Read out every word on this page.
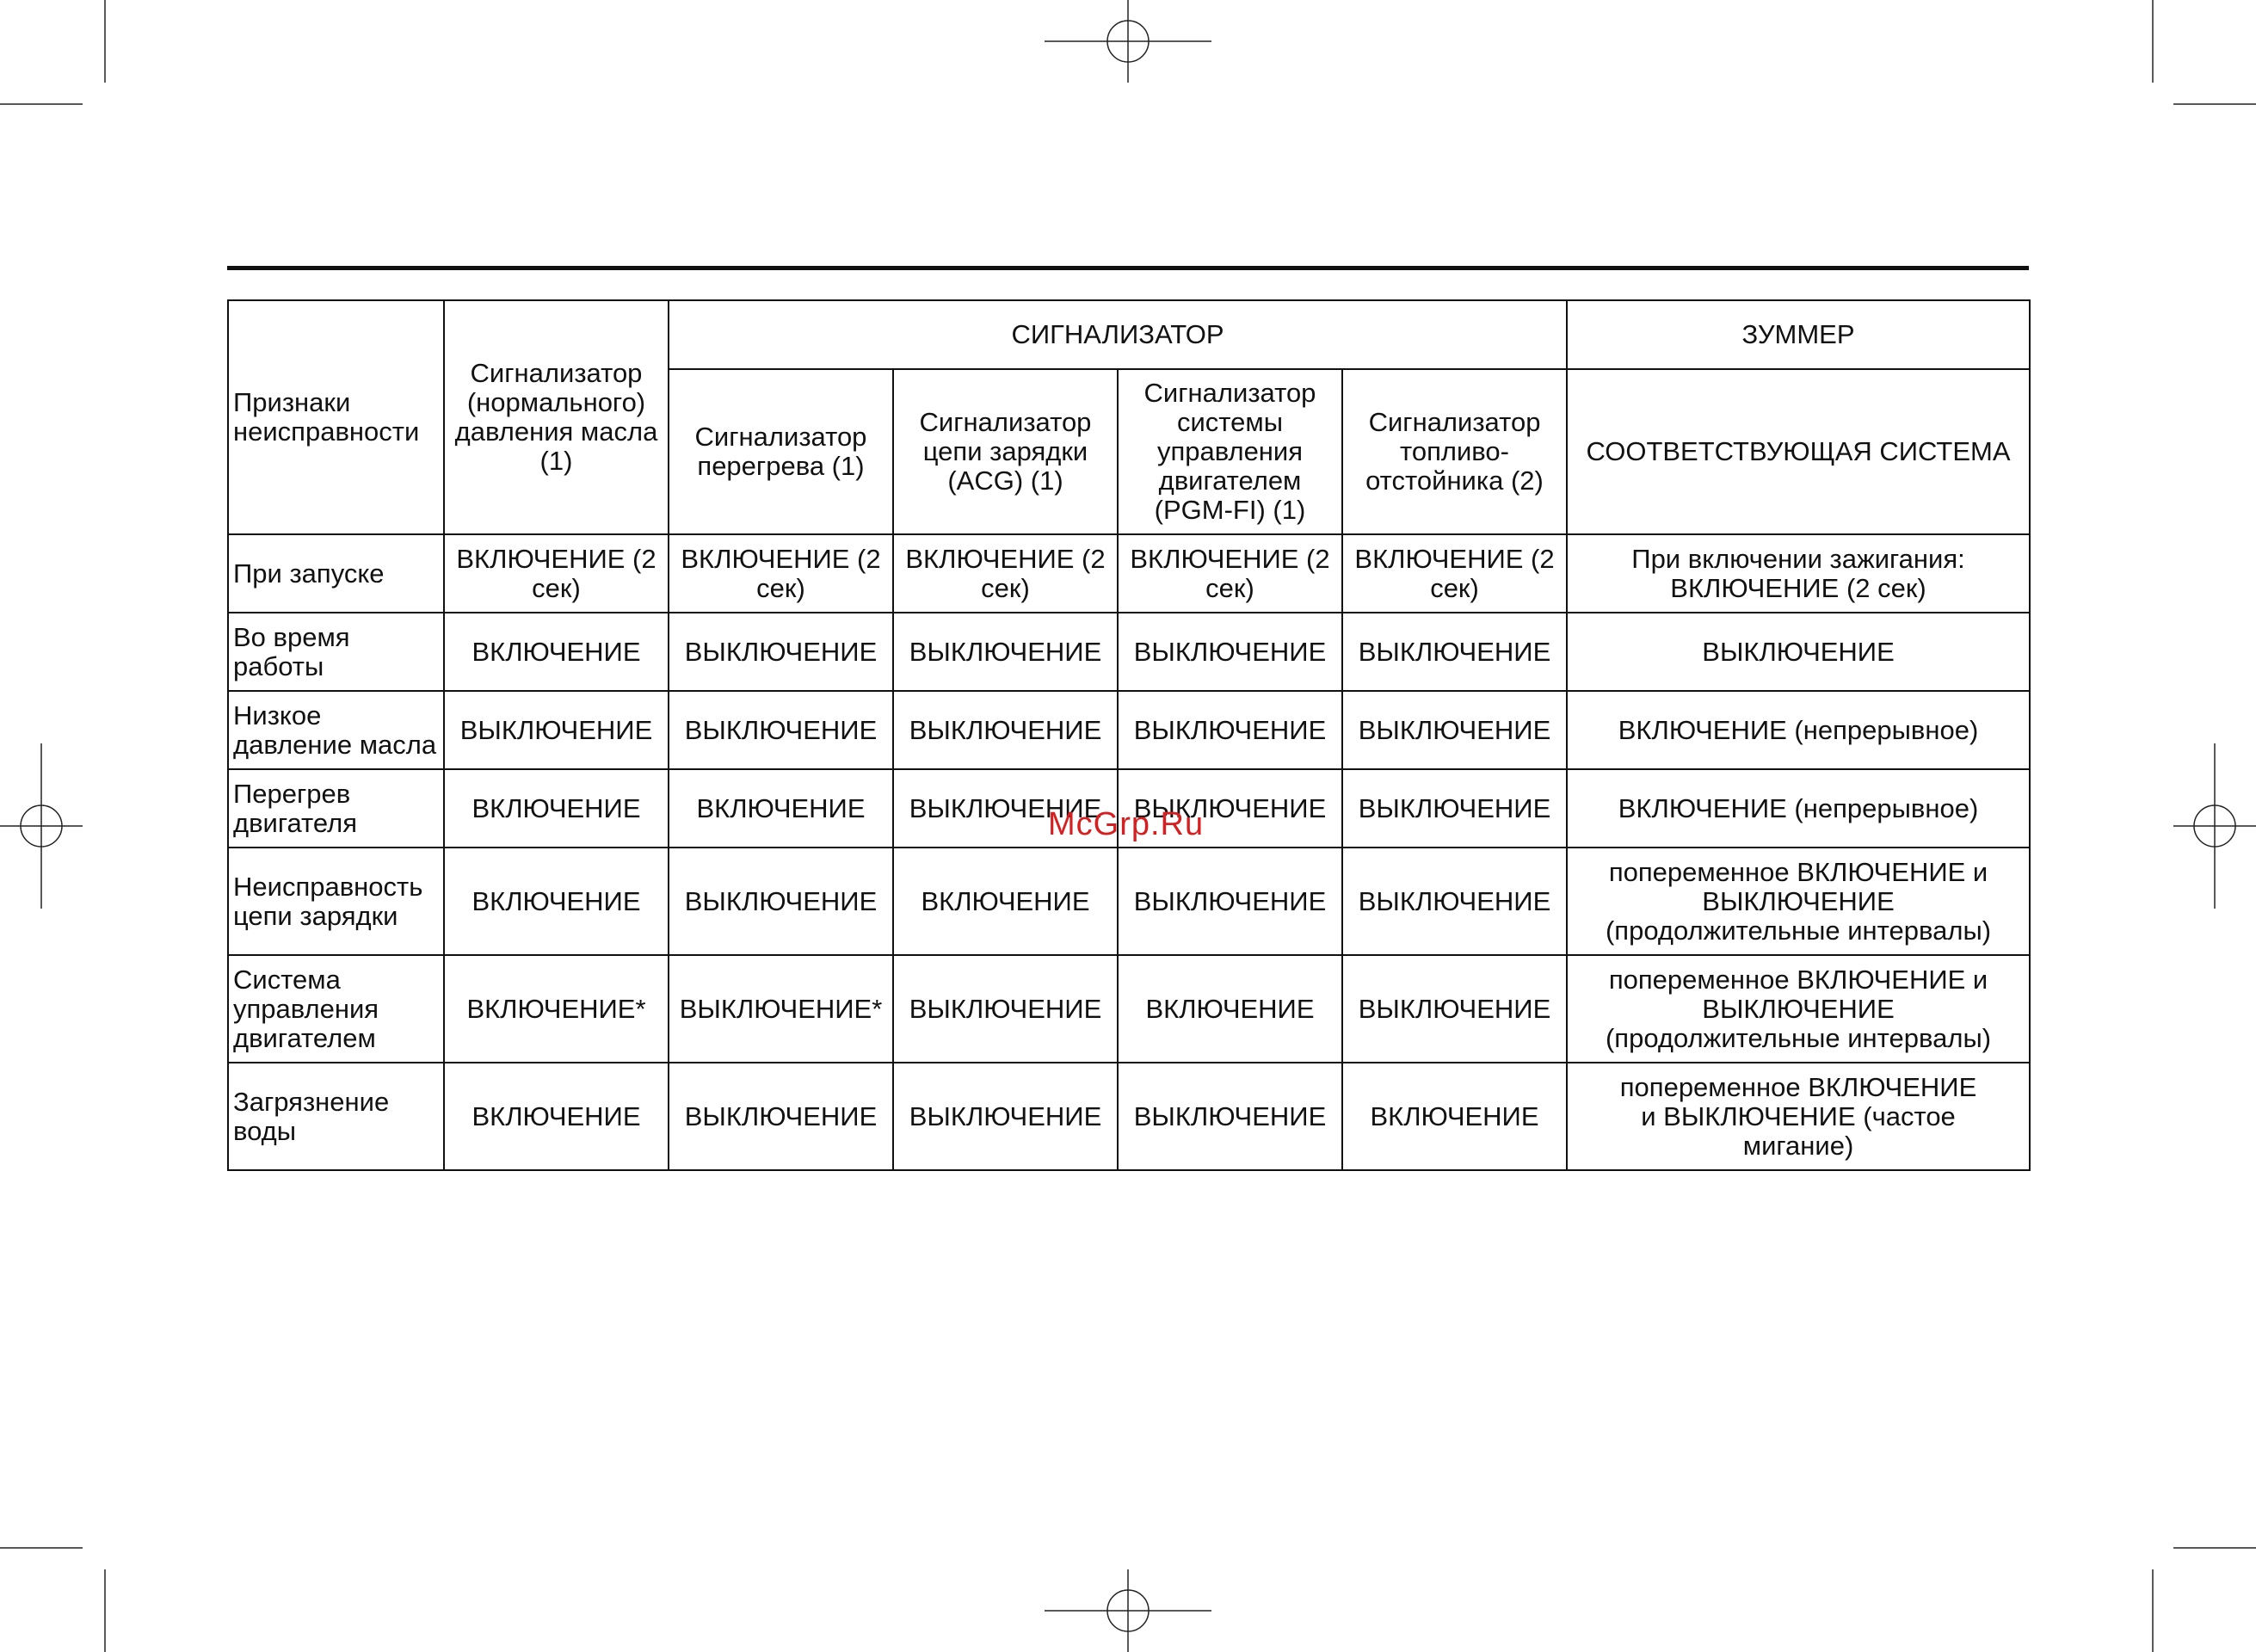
Признаки неисправности	Сигнализатор (нормального) давления масла (1)	СИГНАЛИЗАТОР				ЗУММЕР
		Сигнализатор перегрева (1)	Сигнализатор цепи зарядки (ACG) (1)	Сигнализатор системы управления двигателем (PGM-FI) (1)	Сигнализатор топливо-отстойника (2)	СООТВЕТСТВУЮЩАЯ СИСТЕМА
При запуске	ВКЛЮЧЕНИЕ (2 сек)	ВКЛЮЧЕНИЕ (2 сек)	ВКЛЮЧЕНИЕ (2 сек)	ВКЛЮЧЕНИЕ (2 сек)	ВКЛЮЧЕНИЕ (2 сек)	При включении зажигания: ВКЛЮЧЕНИЕ (2 сек)
Во время работы	ВКЛЮЧЕНИЕ	ВЫКЛЮЧЕНИЕ	ВЫКЛЮЧЕНИЕ	ВЫКЛЮЧЕНИЕ	ВЫКЛЮЧЕНИЕ	ВЫКЛЮЧЕНИЕ
Низкое давление масла	ВЫКЛЮЧЕНИЕ	ВЫКЛЮЧЕНИЕ	ВЫКЛЮЧЕНИЕ	ВЫКЛЮЧЕНИЕ	ВЫКЛЮЧЕНИЕ	ВКЛЮЧЕНИЕ (непрерывное)
Перегрев двигателя	ВКЛЮЧЕНИЕ	ВКЛЮЧЕНИЕ	ВЫКЛЮЧЕНИЕ	ВЫКЛЮЧЕНИЕ	ВЫКЛЮЧЕНИЕ	ВКЛЮЧЕНИЕ (непрерывное)
Неисправность цепи зарядки	ВКЛЮЧЕНИЕ	ВЫКЛЮЧЕНИЕ	ВКЛЮЧЕНИЕ	ВЫКЛЮЧЕНИЕ	ВЫКЛЮЧЕНИЕ	попеременное ВКЛЮЧЕНИЕ и ВЫКЛЮЧЕНИЕ (продолжительные интервалы)
Система управления двигателем	ВКЛЮЧЕНИЕ*	ВЫКЛЮЧЕНИЕ*	ВЫКЛЮЧЕНИЕ	ВКЛЮЧЕНИЕ	ВЫКЛЮЧЕНИЕ	попеременное ВКЛЮЧЕНИЕ и ВЫКЛЮЧЕНИЕ (продолжительные интервалы)
Загрязнение воды	ВКЛЮЧЕНИЕ	ВЫКЛЮЧЕНИЕ	ВЫКЛЮЧЕНИЕ	ВЫКЛЮЧЕНИЕ	ВКЛЮЧЕНИЕ	попеременное ВКЛЮЧЕНИЕ и ВЫКЛЮЧЕНИЕ (частое мигание)
McGrp.Ru
